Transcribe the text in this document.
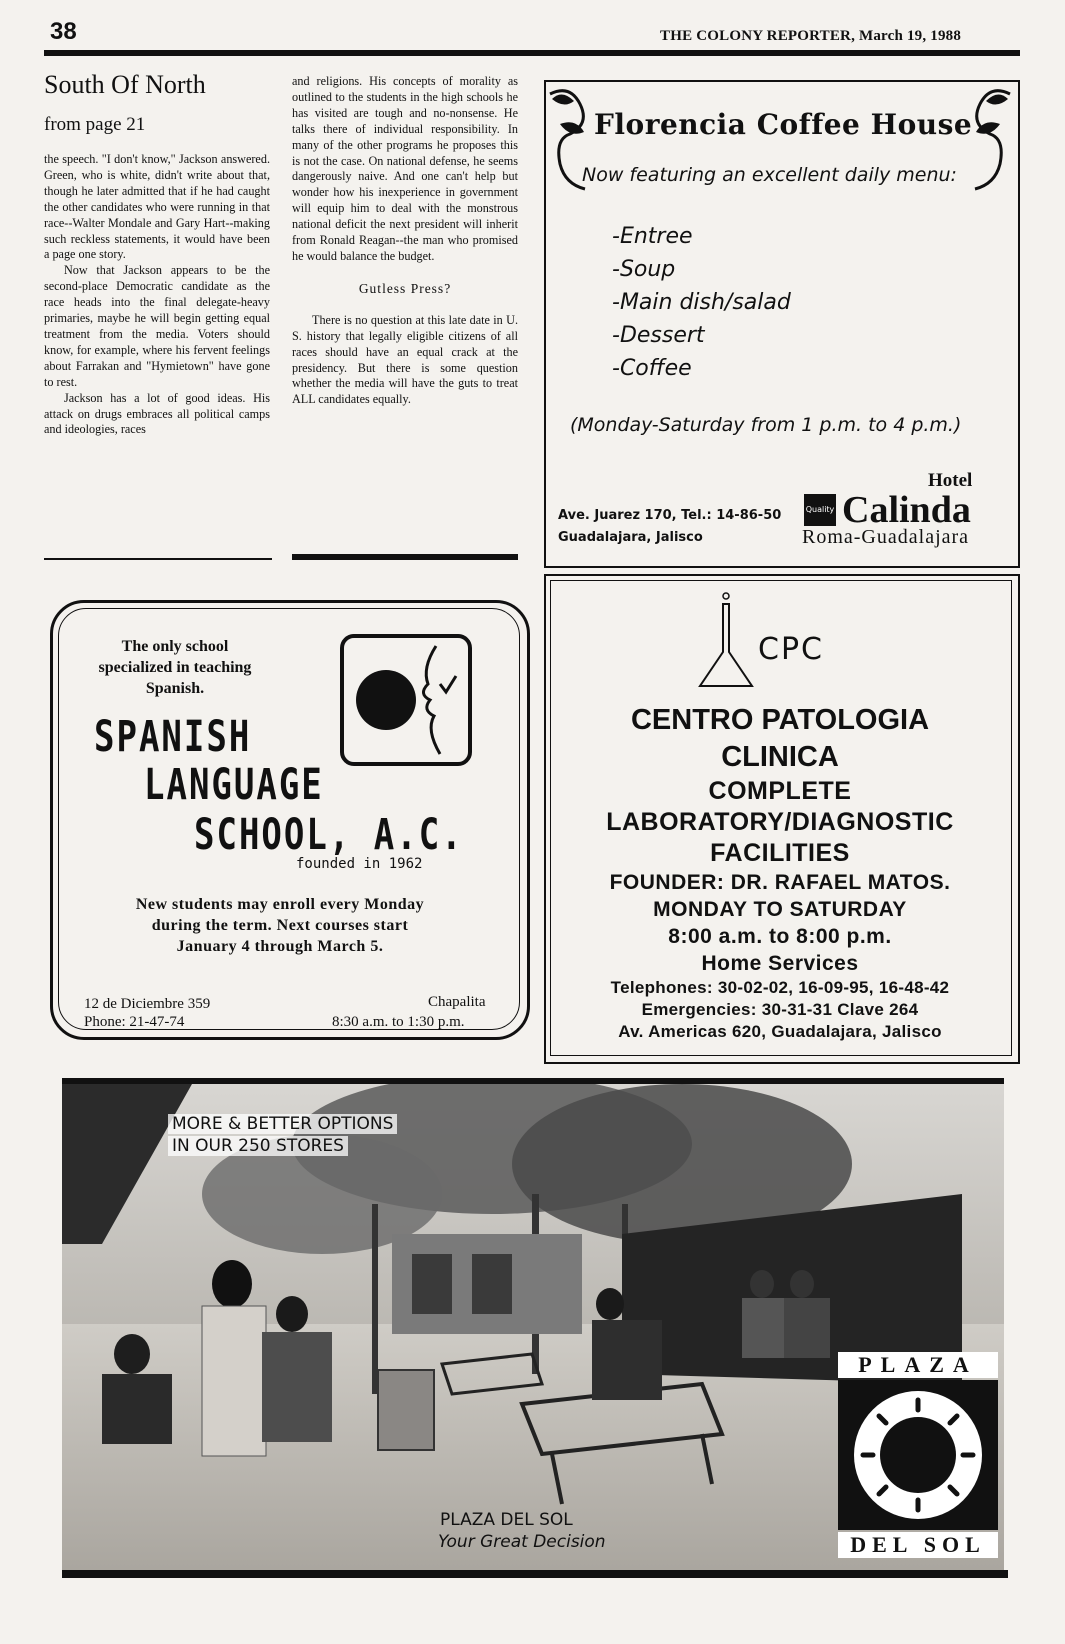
38	THE COLONY REPORTER, March 19, 1988
South Of North
from page 21

the speech. "I don't know," Jackson answered. Green, who is white, didn't write about that, though he later admitted that if he had caught the other candidates who were running in that race--Walter Mondale and Gary Hart--making such reckless statements, it would have been a page one story.

Now that Jackson appears to be the second-place Democratic candidate as the race heads into the final delegate-heavy primaries, maybe he will begin getting equal treatment from the media. Voters should know, for example, where his fervent feelings about Farrakan and "Hymietown" have gone to rest.

Jackson has a lot of good ideas. His attack on drugs embraces all political camps and ideologies, races

and religions. His concepts of morality as outlined to the students in the high schools he has visited are tough and no-nonsense. He talks there of individual responsibility. In many of the other programs he proposes this is not the case. On national defense, he seems dangerously naive. And one can't help but wonder how his inexperience in government will equip him to deal with the monstrous national deficit the next president will inherit from Ronald Reagan--the man who promised he would balance the budget.

Gutless Press?

There is no question at this late date in U. S. history that legally eligible citizens of all races should have an equal crack at the presidency. But there is some question whether the media will have the guts to treat ALL candidates equally.

Florencia Coffee House
Now featuring an excellent daily menu:
-Entree
-Soup
-Main dish/salad
-Dessert
-Coffee
(Monday-Saturday from 1 p.m. to 4 p.m.)
Ave. Juarez 170, Tel.: 14-86-50
Guadalajara, Jalisco
Hotel
Quality Calinda
Roma-Guadalajara
The only school specialized in teaching Spanish.
SPANISH
LANGUAGE
SCHOOL, A.C.
founded in 1962
New students may enroll every Monday during the term. Next courses start January 4 through March 5.
12 de Diciembre 359
Phone: 21-47-74
Chapalita
8:30 a.m. to 1:30 p.m.
CPC
CENTRO PATOLOGIA
CLINICA
COMPLETE
LABORATORY/DIAGNOSTIC
FACILITIES
FOUNDER: DR. RAFAEL MATOS.
MONDAY TO SATURDAY
8:00 a.m. to 8:00 p.m.
Home Services
Telephones: 30-02-02, 16-09-95, 16-48-42
Emergencies: 30-31-31 Clave 264
Av. Americas 620, Guadalajara, Jalisco
MORE & BETTER OPTIONS
IN OUR 250 STORES
PLAZA DEL SOL
Your Great Decision
PLAZA
DEL SOL
